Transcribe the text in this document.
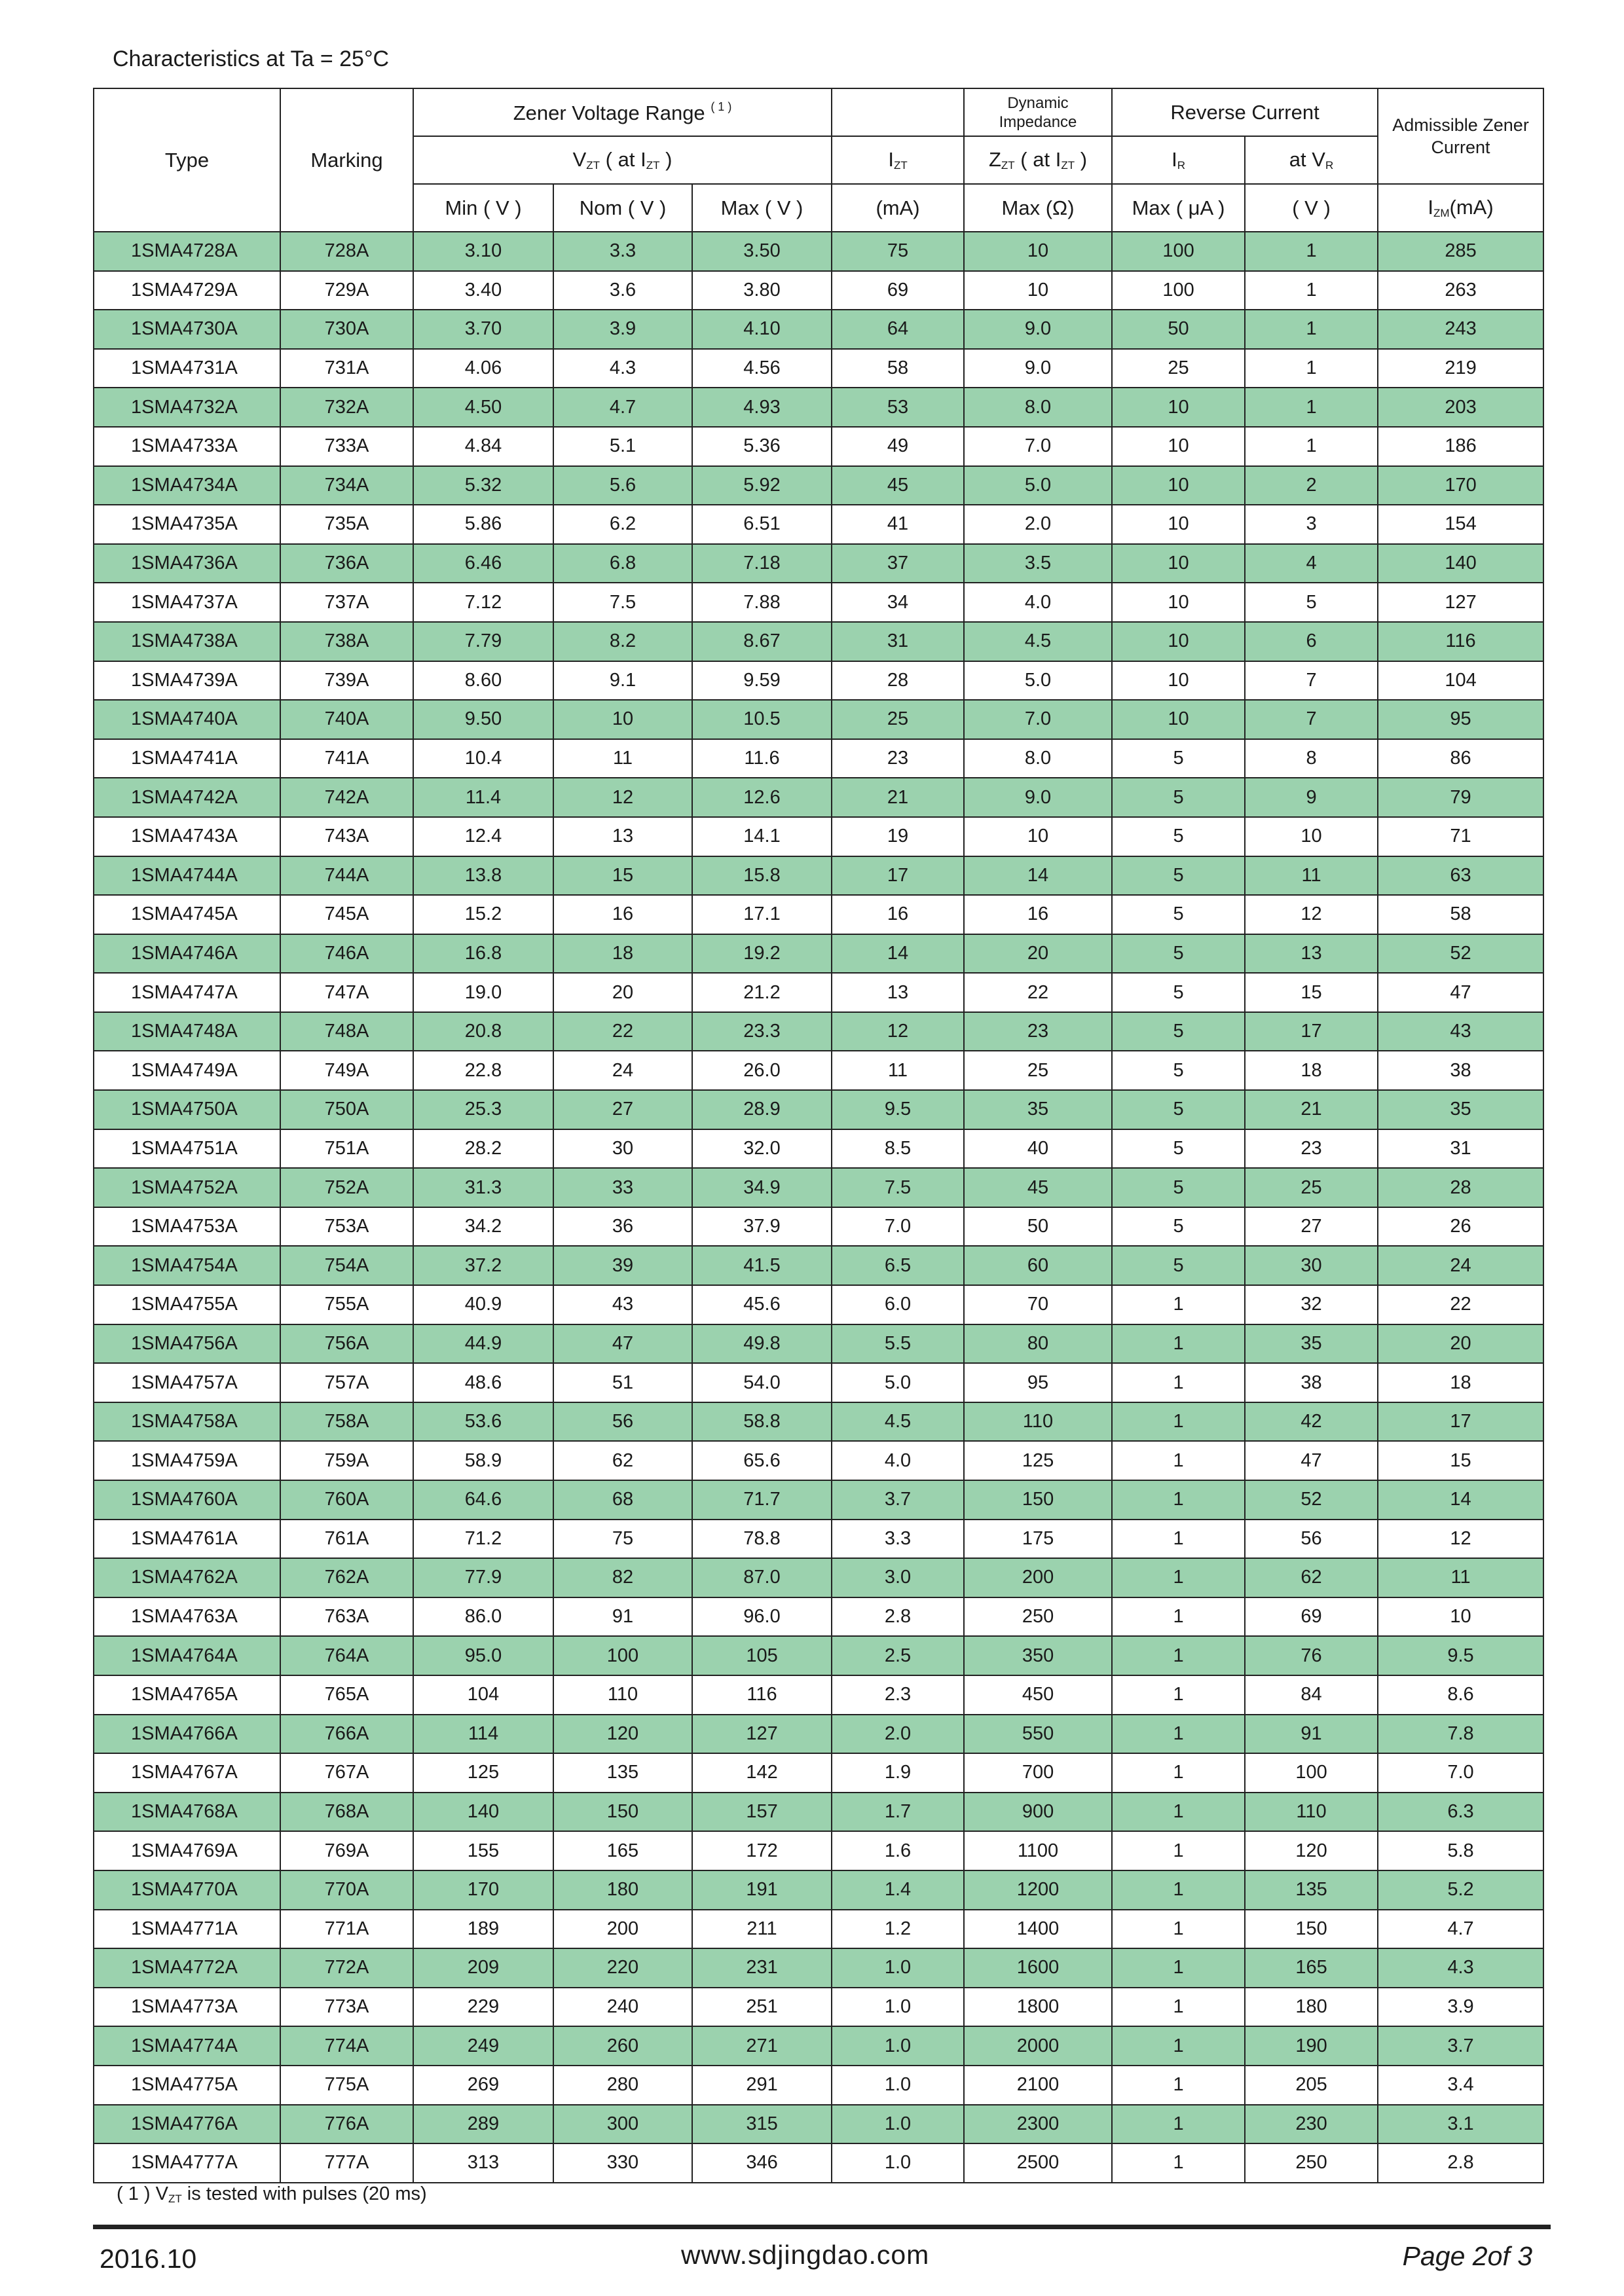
Characteristics at Ta = 25°C
Type	Marking	Zener Voltage Range $^{( 1 )}$				Dynamic Impedance	Reverse Current		Admissible Zener Current
		$V_{ZT}$ ( at $I_{ZT}$ )			$I_{ZT}$	$Z_{ZT}$ ( at $I_{ZT}$ )	$I_R$	at $V_R$
		Min ( V )	Nom ( V )	Max ( V )	(mA)	Max (Ω)	Max ( μA )	( V )	$I_{ZM}(mA)$
1SMA4728A	728A	3.10	3.3	3.50	75	10	100	1	285
1SMA4729A	729A	3.40	3.6	3.80	69	10	100	1	263
1SMA4730A	730A	3.70	3.9	4.10	64	9.0	50	1	243
1SMA4731A	731A	4.06	4.3	4.56	58	9.0	25	1	219
1SMA4732A	732A	4.50	4.7	4.93	53	8.0	10	1	203
1SMA4733A	733A	4.84	5.1	5.36	49	7.0	10	1	186
1SMA4734A	734A	5.32	5.6	5.92	45	5.0	10	2	170
1SMA4735A	735A	5.86	6.2	6.51	41	2.0	10	3	154
1SMA4736A	736A	6.46	6.8	7.18	37	3.5	10	4	140
1SMA4737A	737A	7.12	7.5	7.88	34	4.0	10	5	127
1SMA4738A	738A	7.79	8.2	8.67	31	4.5	10	6	116
1SMA4739A	739A	8.60	9.1	9.59	28	5.0	10	7	104
1SMA4740A	740A	9.50	10	10.5	25	7.0	10	7	95
1SMA4741A	741A	10.4	11	11.6	23	8.0	5	8	86
1SMA4742A	742A	11.4	12	12.6	21	9.0	5	9	79
1SMA4743A	743A	12.4	13	14.1	19	10	5	10	71
1SMA4744A	744A	13.8	15	15.8	17	14	5	11	63
1SMA4745A	745A	15.2	16	17.1	16	16	5	12	58
1SMA4746A	746A	16.8	18	19.2	14	20	5	13	52
1SMA4747A	747A	19.0	20	21.2	13	22	5	15	47
1SMA4748A	748A	20.8	22	23.3	12	23	5	17	43
1SMA4749A	749A	22.8	24	26.0	11	25	5	18	38
1SMA4750A	750A	25.3	27	28.9	9.5	35	5	21	35
1SMA4751A	751A	28.2	30	32.0	8.5	40	5	23	31
1SMA4752A	752A	31.3	33	34.9	7.5	45	5	25	28
1SMA4753A	753A	34.2	36	37.9	7.0	50	5	27	26
1SMA4754A	754A	37.2	39	41.5	6.5	60	5	30	24
1SMA4755A	755A	40.9	43	45.6	6.0	70	1	32	22
1SMA4756A	756A	44.9	47	49.8	5.5	80	1	35	20
1SMA4757A	757A	48.6	51	54.0	5.0	95	1	38	18
1SMA4758A	758A	53.6	56	58.8	4.5	110	1	42	17
1SMA4759A	759A	58.9	62	65.6	4.0	125	1	47	15
1SMA4760A	760A	64.6	68	71.7	3.7	150	1	52	14
1SMA4761A	761A	71.2	75	78.8	3.3	175	1	56	12
1SMA4762A	762A	77.9	82	87.0	3.0	200	1	62	11
1SMA4763A	763A	86.0	91	96.0	2.8	250	1	69	10
1SMA4764A	764A	95.0	100	105	2.5	350	1	76	9.5
1SMA4765A	765A	104	110	116	2.3	450	1	84	8.6
1SMA4766A	766A	114	120	127	2.0	550	1	91	7.8
1SMA4767A	767A	125	135	142	1.9	700	1	100	7.0
1SMA4768A	768A	140	150	157	1.7	900	1	110	6.3
1SMA4769A	769A	155	165	172	1.6	1100	1	120	5.8
1SMA4770A	770A	170	180	191	1.4	1200	1	135	5.2
1SMA4771A	771A	189	200	211	1.2	1400	1	150	4.7
1SMA4772A	772A	209	220	231	1.0	1600	1	165	4.3
1SMA4773A	773A	229	240	251	1.0	1800	1	180	3.9
1SMA4774A	774A	249	260	271	1.0	2000	1	190	3.7
1SMA4775A	775A	269	280	291	1.0	2100	1	205	3.4
1SMA4776A	776A	289	300	315	1.0	2300	1	230	3.1
1SMA4777A	777A	313	330	346	1.0	2500	1	250	2.8
( 1 ) $V_{ZT}$ is tested with pulses (20 ms)
2016.10	www.sdjingdao.com	Page 2of 3
